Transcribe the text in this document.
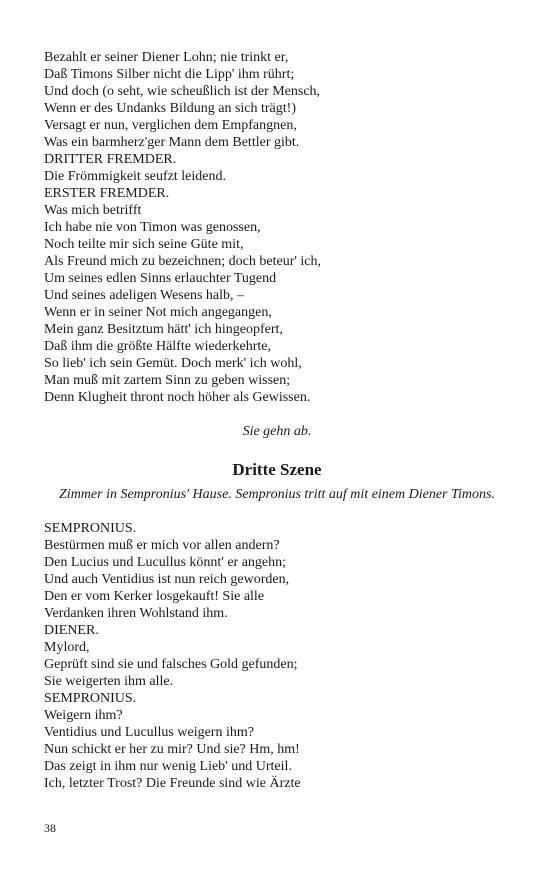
Bezahlt er seiner Diener Lohn; nie trinkt er,
Daß Timons Silber nicht die Lipp' ihm rührt;
Und doch (o seht, wie scheußlich ist der Mensch,
Wenn er des Undanks Bildung an sich trägt!)
Versagt er nun, verglichen dem Empfangnen,
Was ein barmherz'ger Mann dem Bettler gibt.
DRITTER FREMDER.
Die Frömmigkeit seufzt leidend.
ERSTER FREMDER.
Was mich betrifft
Ich habe nie von Timon was genossen,
Noch teilte mir sich seine Güte mit,
Als Freund mich zu bezeichnen; doch beteur' ich,
Um seines edlen Sinns erlauchter Tugend
Und seines adeligen Wesens halb, –
Wenn er in seiner Not mich angegangen,
Mein ganz Besitztum hätt' ich hingeopfert,
Daß ihm die größte Hälfte wiederkehrte,
So lieb' ich sein Gemüt. Doch merk' ich wohl,
Man muß mit zartem Sinn zu geben wissen;
Denn Klugheit thront noch höher als Gewissen.
Sie gehn ab.
Dritte Szene
Zimmer in Sempronius' Hause. Sempronius tritt auf mit einem Diener Timons.
SEMPRONIUS.
Bestürmen muß er mich vor allen andern?
Den Lucius und Lucullus könnt' er angehn;
Und auch Ventidius ist nun reich geworden,
Den er vom Kerker losgekauft! Sie alle
Verdanken ihren Wohlstand ihm.
DIENER.
Mylord,
Geprüft sind sie und falsches Gold gefunden;
Sie weigerten ihm alle.
SEMPRONIUS.
Weigern ihm?
Ventidius und Lucullus weigern ihm?
Nun schickt er her zu mir? Und sie? Hm, hm!
Das zeigt in ihm nur wenig Lieb' und Urteil.
Ich, letzter Trost? Die Freunde sind wie Ärzte
38
